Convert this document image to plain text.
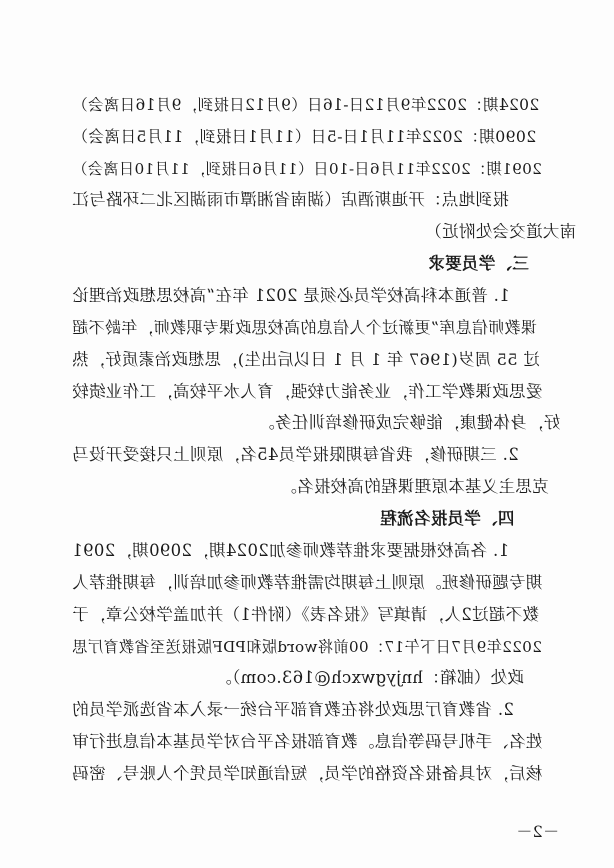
2024期：2022年9月12日-16日（9月12日报到，9月16日离会）
2090期：2022年11月1日-5日（11月1日报到，11月5日离会）
2091期：2022年11月6日-10日（11月6日报到，11月10日离会）
报到地点：开迪斯酒店（湖南省湘潭市雨湖区北二环路与江
南大道交会处附近）
三、学员要求
1. 普通本科高校学员必须是 2021 年在“高校思想政治理论
课教师信息库”更新过个人信息的高校思政课专职教师，年龄不超
过 55 周岁(1967 年 1 月 1 日以后出生)，思想政治素质好，热
爱思政课教学工作，业务能力较强，育人水平较高，工作业绩较
好，身体健康，能够完成研修培训任务。
2. 三期研修，我省每期限报学员45名，原则上只接受开设马
克思主义基本原理课程的高校报名。
四、学员报名流程
1. 各高校根据要求推荐教师参加2024期，2090期，2091
期专题研修班。原则上每期均需推荐教师参加培训，每期推荐人
数不超过2人，请填写《报名表》（附件1）并加盖学校公章，于
2022年9月7日下午17：00前将word版和PDF版报送至省教育厅思
政处（邮箱：hnjygwxch@163.com）。
2. 省教育厅思政处将在教育部平台统一录入本省选派学员的
姓名、手机号码等信息。教育部报名平台对学员基本信息进行审
核后，对具备报名资格的学员，短信通知学员凭个人账号、密码
－2－
